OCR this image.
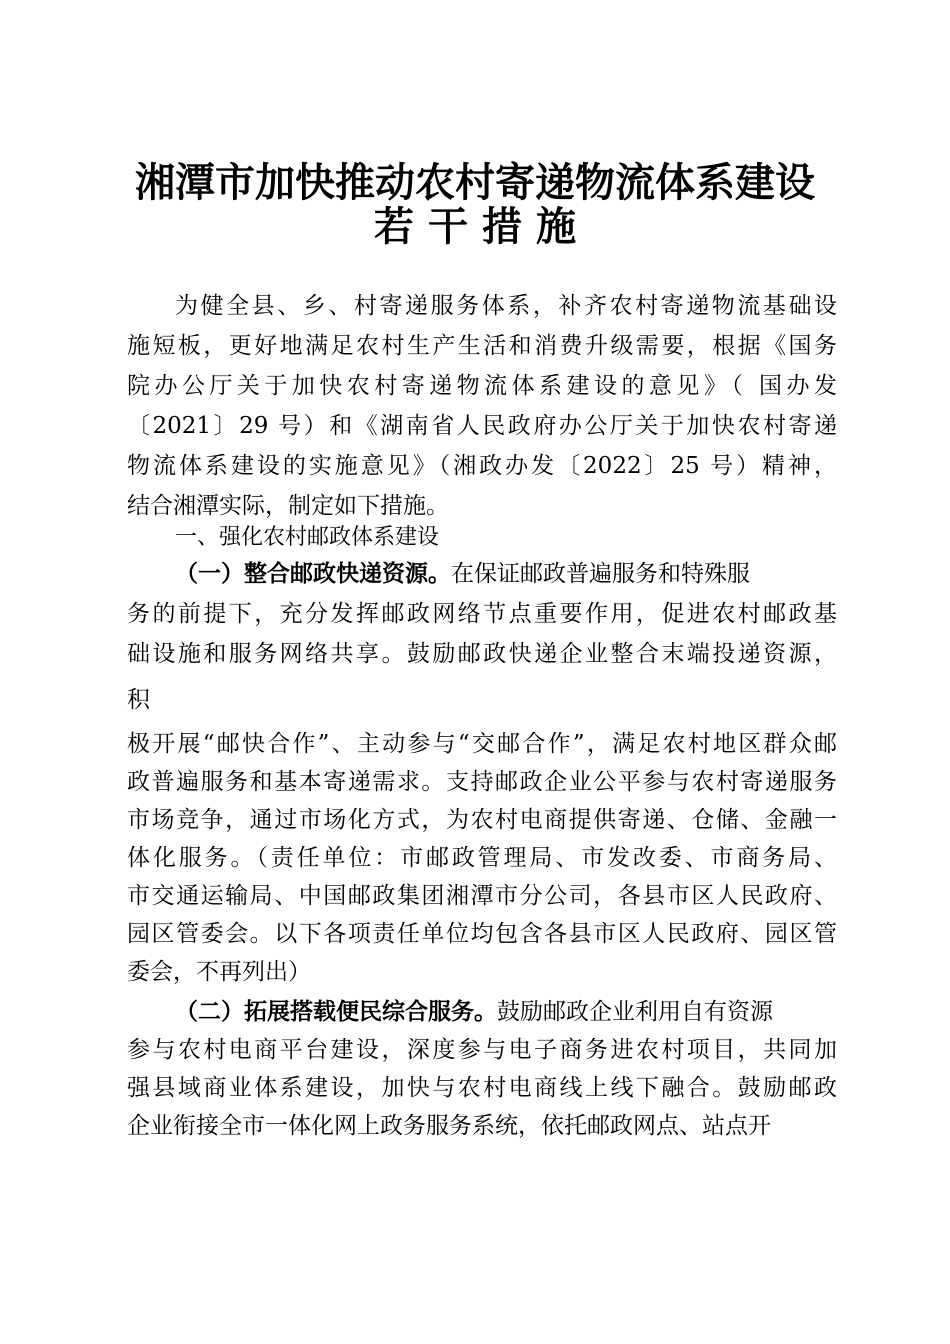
湘潭市加快推动农村寄递物流体系建设
若干措施
为健全县、乡、村寄递服务体系，补齐农村寄递物流基础设
施短板，更好地满足农村生产生活和消费升级需要，根据《国务
院办公厅关于加快农村寄递物流体系建设的意见》（ 国办发
〔2021〕29 号）和《湖南省人民政府办公厅关于加快农村寄递
物流体系建设的实施意见》（湘政办发〔2022〕25 号）精神，
结合湘潭实际，制定如下措施。
一、强化农村邮政体系建设
（一）整合邮政快递资源。在保证邮政普遍服务和特殊服
务的前提下，充分发挥邮政网络节点重要作用，促进农村邮政基
础设施和服务网络共享。鼓励邮政快递企业整合末端投递资源，
积
极开展“邮快合作”、主动参与“交邮合作”，满足农村地区群众邮
政普遍服务和基本寄递需求。支持邮政企业公平参与农村寄递服务
市场竞争，通过市场化方式，为农村电商提供寄递、仓储、金融一
体化服务。（责任单位：市邮政管理局、市发改委、市商务局、
市交通运输局、中国邮政集团湘潭市分公司，各县市区人民政府、
园区管委会。以下各项责任单位均包含各县市区人民政府、园区管
委会，不再列出）
（二）拓展搭载便民综合服务。鼓励邮政企业利用自有资源
参与农村电商平台建设，深度参与电子商务进农村项目，共同加
强县域商业体系建设，加快与农村电商线上线下融合。鼓励邮政
企业衔接全市一体化网上政务服务系统，依托邮政网点、站点开
